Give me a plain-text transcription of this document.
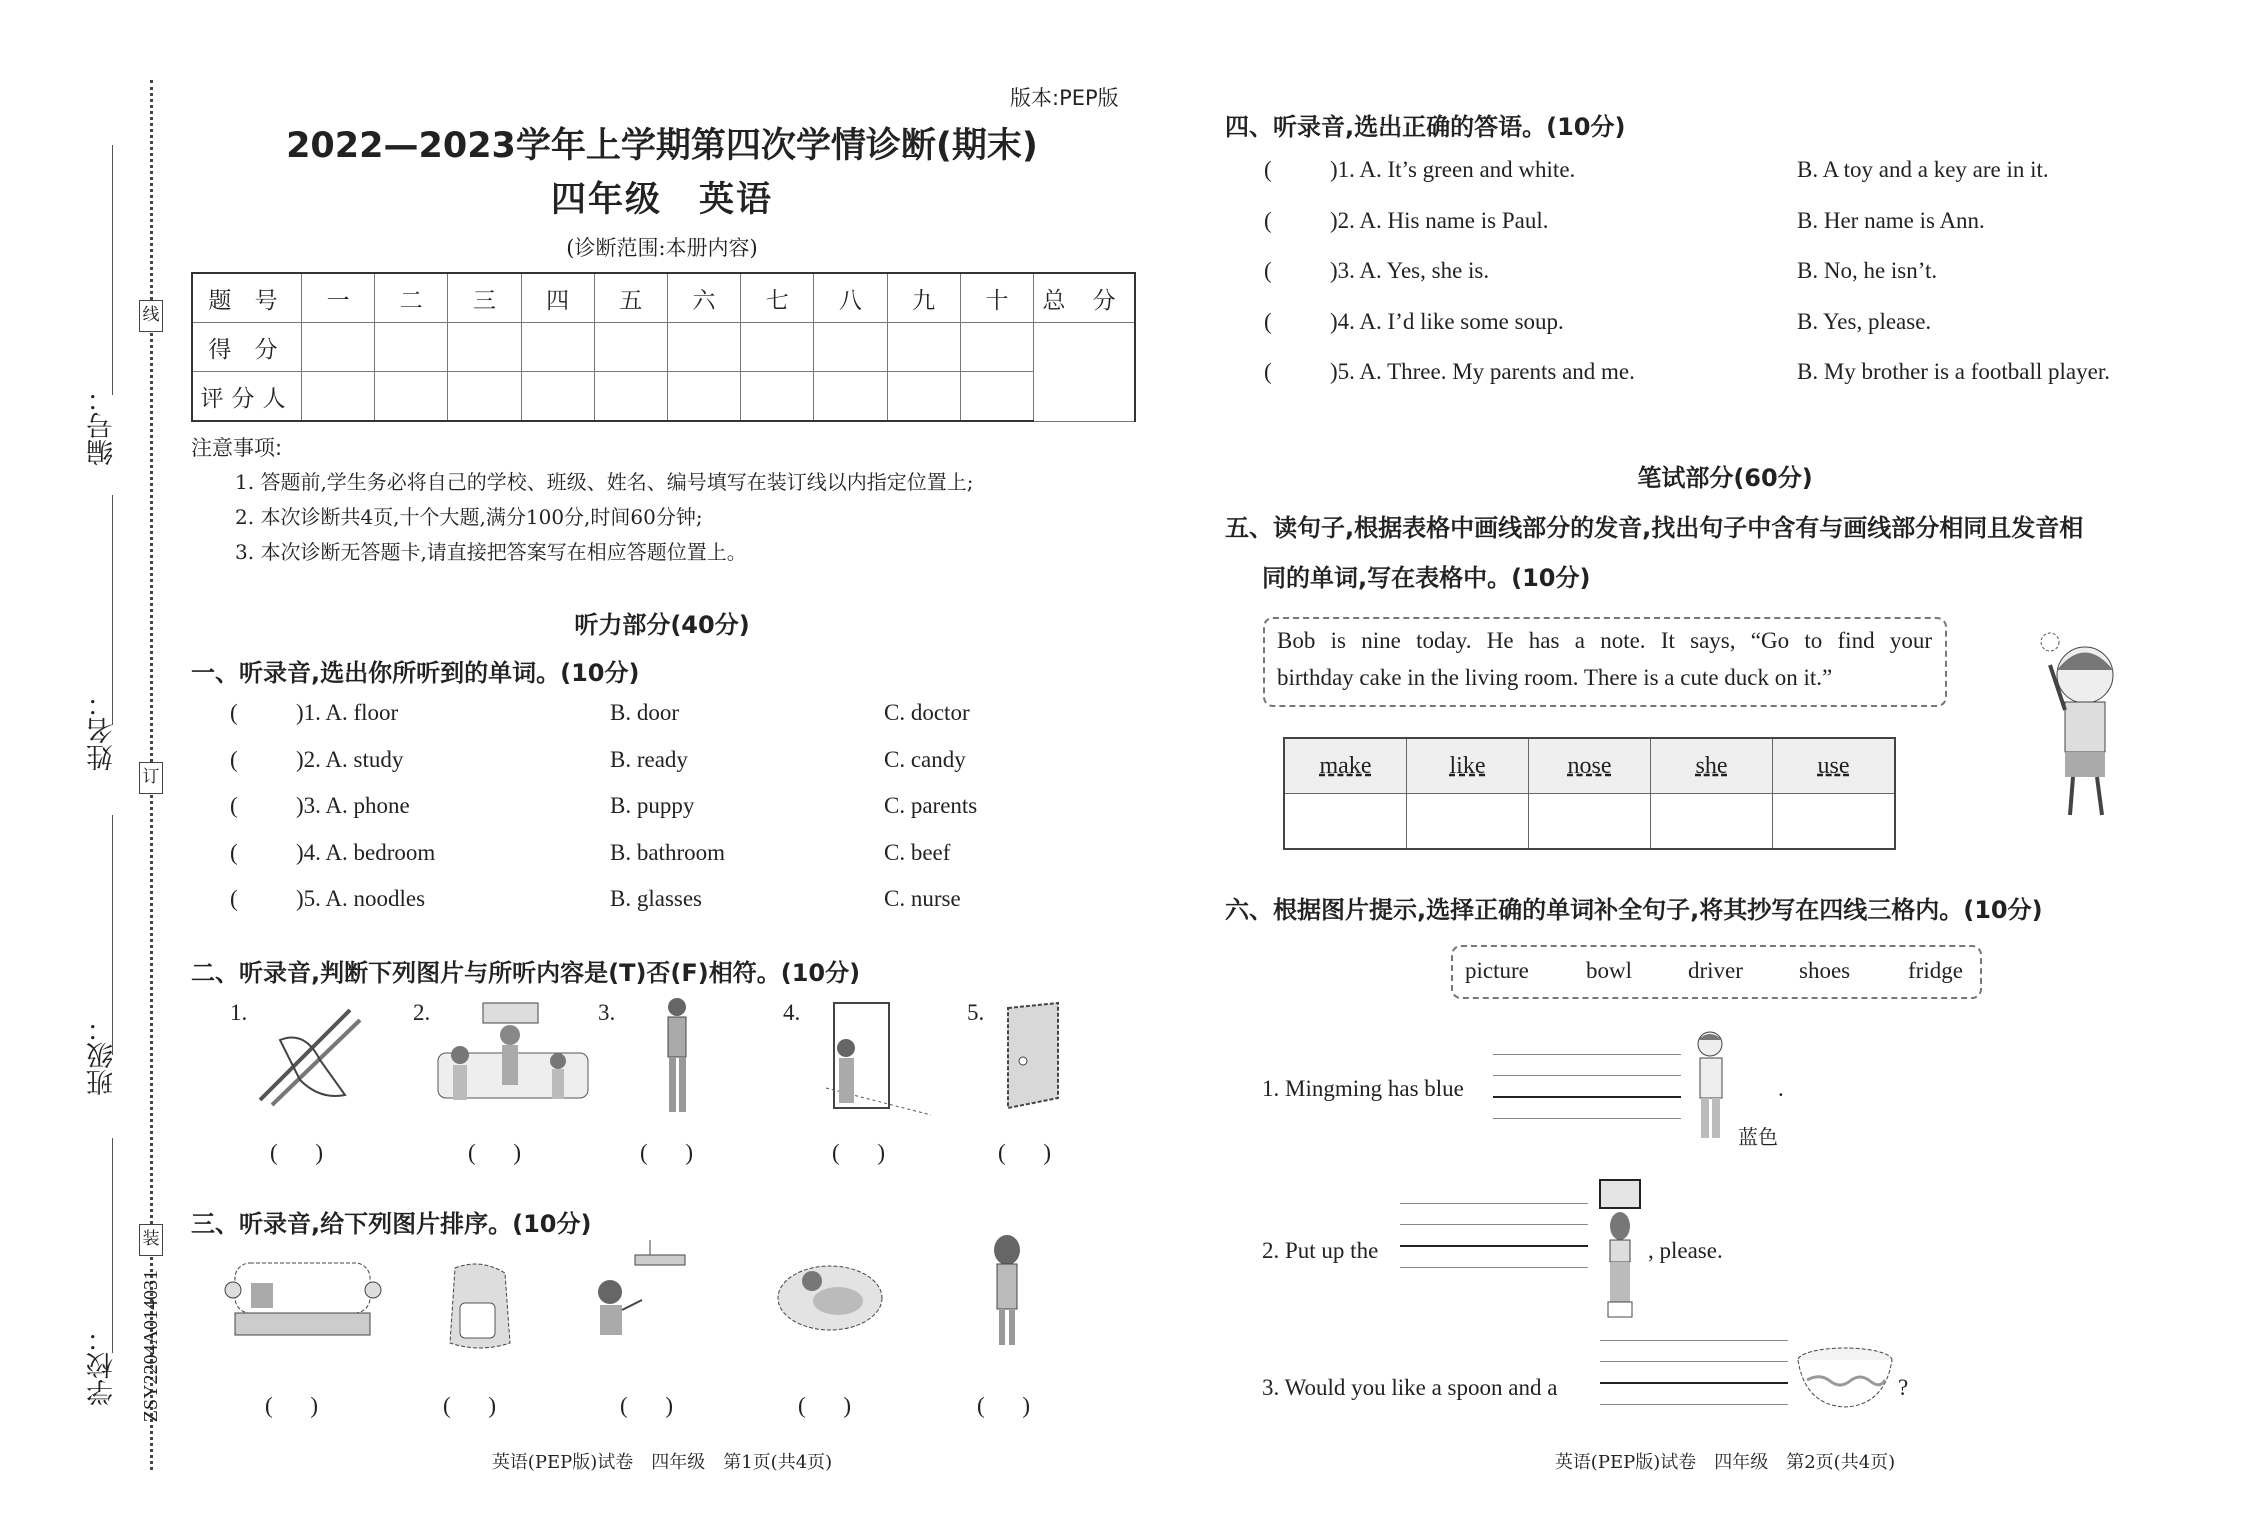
线
订
装
编号：
姓名：
班级：
学校： ZSY2204A014031
版本:PEP版
2022—2023学年上学期第四次学情诊断(期末)
四年级　英语
(诊断范围:本册内容)
题 号	一	二	三	四	五	六	七	八	九	十	总 分
得 分											
评分人											
注意事项:
1. 答题前,学生务必将自己的学校、班级、姓名、编号填写在装订线以内指定位置上;
2. 本次诊断共4页,十个大题,满分100分,时间60分钟;
3. 本次诊断无答题卡,请直接把答案写在相应答题位置上。
听力部分(40分)
一、听录音,选出你所听到的单词。(10分)
(	)1. A. floor	B. door	C. doctor
(	)2. A. study	B. ready	C. candy
(	)3. A. phone	B. puppy	C. parents
(	)4. A. bedroom	B. bathroom	C. beef
(	)5. A. noodles	B. glasses	C. nurse
二、听录音,判断下列图片与所听内容是(T)否(F)相符。(10分)
1.	2.	3.	4.	5.
( )	( )	( )	( )	( )
三、听录音,给下列图片排序。(10分)
( )	( )	( )	( )	( )
英语(PEP版)试卷　四年级　第1页(共4页)
四、听录音,选出正确的答语。(10分)
(	)1. A. It’s green and white.	B. A toy and a key are in it.
(	)2. A. His name is Paul.	B. Her name is Ann.
(	)3. A. Yes, she is.	B. No, he isn’t.
(	)4. A. I’d like some soup.	B. Yes, please.
(	)5. A. Three. My parents and me.	B. My brother is a football player.
笔试部分(60分)
五、读句子,根据表格中画线部分的发音,找出句子中含有与画线部分相同且发音相
同的单词,写在表格中。(10分)
Bob is nine today. He has a note. It says, “Go to find your
birthday cake in the living room. There is a cute duck on it.”
make	like	nose	she	use

六、根据图片提示,选择正确的单词补全句子,将其抄写在四线三格内。(10分)
picture bowl driver shoes	fridge
1. Mingming has blue
蓝色
.
2. Put up the	, please.
3. Would you like a spoon and a	?
英语(PEP版)试卷　四年级　第2页(共4页)
